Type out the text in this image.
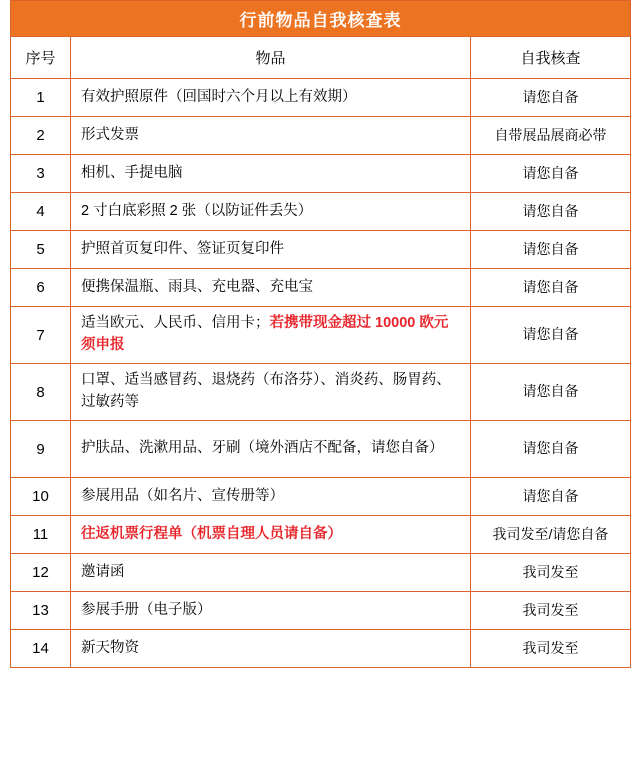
行前物品自我核查表		
序号	物品	自我核查
1	有效护照原件（回国时六个月以上有效期）	请您自备
2	形式发票	自带展品展商必带
3	相机、手提电脑	请您自备
4	2 寸白底彩照 2 张（以防证件丢失）	请您自备
5	护照首页复印件、签证页复印件	请您自备
6	便携保温瓶、雨具、充电器、充电宝	请您自备
7	适当欧元、人民币、信用卡；若携带现金超过 10000 欧元须申报	请您自备
8	口罩、适当感冒药、退烧药（布洛芬）、消炎药、肠胃药、过敏药等	请您自备
9	护肤品、洗漱用品、牙刷（境外酒店不配备，请您自备）	请您自备
10	参展用品（如名片、宣传册等）	请您自备
11	往返机票行程单（机票自理人员请自备）	我司发至/请您自备
12	邀请函	我司发至
13	参展手册（电子版）	我司发至
14	新天物资	我司发至
